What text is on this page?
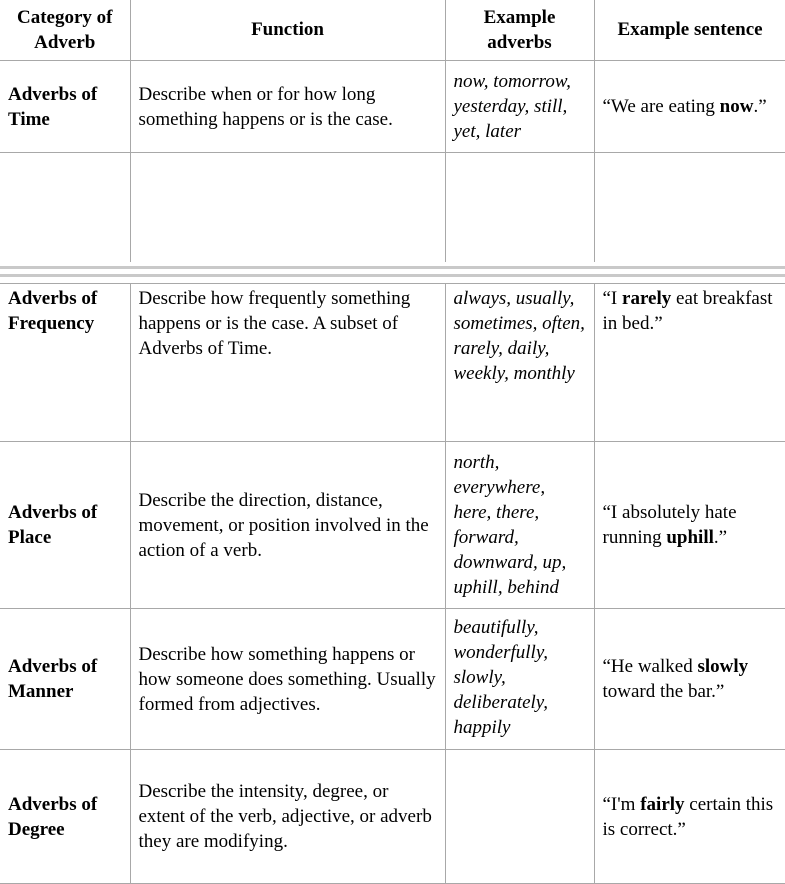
Category of Adverb	Function	Example adverbs	Example sentence
Adverbs of Time	Describe when or for how long something happens or is the case.	now, tomorrow, yesterday, still, yet, later	“We are eating now.”

Adverbs of Frequency	Describe how frequently something happens or is the case. A subset of Adverbs of Time.	always, usually, sometimes, often, rarely, daily, weekly, monthly	“I rarely eat breakfast in bed.”
Adverbs of Place	Describe the direction, distance, movement, or position involved in the action of a verb.	north, everywhere, here, there, forward, downward, up, uphill, behind	“I absolutely hate running uphill.”
Adverbs of Manner	Describe how something happens or how someone does something. Usually formed from adjectives.	beautifully, wonderfully, slowly, deliberately, happily	“He walked slowly toward the bar.”
Adverbs of Degree	Describe the intensity, degree, or extent of the verb, adjective, or adverb they are modifying.		“I'm fairly certain this is correct.”
